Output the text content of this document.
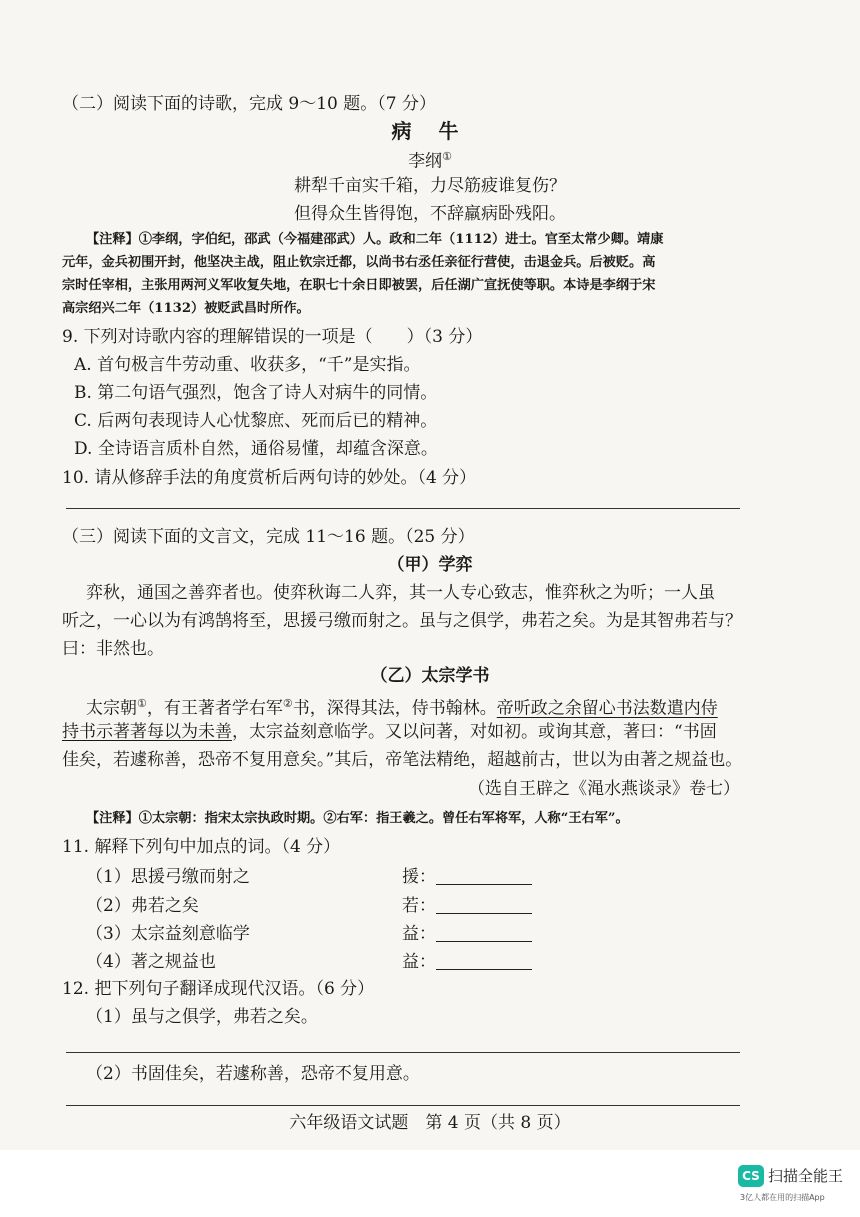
（二）阅读下面的诗歌，完成 9～10 题。（7 分）
病 牛
李纲①
耕犁千亩实千箱，力尽筋疲谁复伤？
但得众生皆得饱，不辞羸病卧残阳。
【注释】①李纲，字伯纪，邵武（今福建邵武）人。政和二年（1112）进士。官至太常少卿。靖康
元年，金兵初围开封，他坚决主战，阻止钦宗迁都，以尚书右丞任亲征行营使，击退金兵。后被贬。高
宗时任宰相，主张用两河义军收复失地，在职七十余日即被罢，后任湖广宣抚使等职。本诗是李纲于宋
高宗绍兴二年（1132）被贬武昌时所作。
9. 下列对诗歌内容的理解错误的一项是（　　）（3 分）
A. 首句极言牛劳动重、收获多，“千”是实指。
B. 第二句语气强烈，饱含了诗人对病牛的同情。
C. 后两句表现诗人心忧黎庶、死而后已的精神。
D. 全诗语言质朴自然，通俗易懂，却蕴含深意。
10. 请从修辞手法的角度赏析后两句诗的妙处。（4 分）
（三）阅读下面的文言文，完成 11～16 题。（25 分）
（甲）学弈
弈秋，通国之善弈者也。使弈秋诲二人弈，其一人专心致志，惟弈秋之为听；一人虽
听之，一心以为有鸿鹄将至，思援弓缴而射之。虽与之俱学，弗若之矣。为是其智弗若与？
曰：非然也。
（乙）太宗学书
太宗朝①，有王著者学右军②书，深得其法，侍书翰林。帝听政之余留心书法数遣内侍
持书示著著每以为未善，太宗益刻意临学。又以问著，对如初。或询其意，著曰：“书固
佳矣，若遽称善，恐帝不复用意矣。”其后，帝笔法精绝，超越前古，世以为由著之规益也。
（选自王辟之《渑水燕谈录》卷七）
【注释】①太宗朝：指宋太宗执政时期。②右军：指王羲之。曾任右军将军，人称“王右军”。
11. 解释下列句中加点的词。（4 分）
（1）思援弓缴而射之	援：
（2）弗若之矣	若：
（3）太宗益刻意临学	益：
（4）著之规益也	益：
12. 把下列句子翻译成现代汉语。（6 分）
（1）虽与之俱学，弗若之矣。
（2）书固佳矣，若遽称善，恐帝不复用意。
六年级语文试题　第 4 页（共 8 页）
CS 扫描全能王
3亿人都在用的扫描App
